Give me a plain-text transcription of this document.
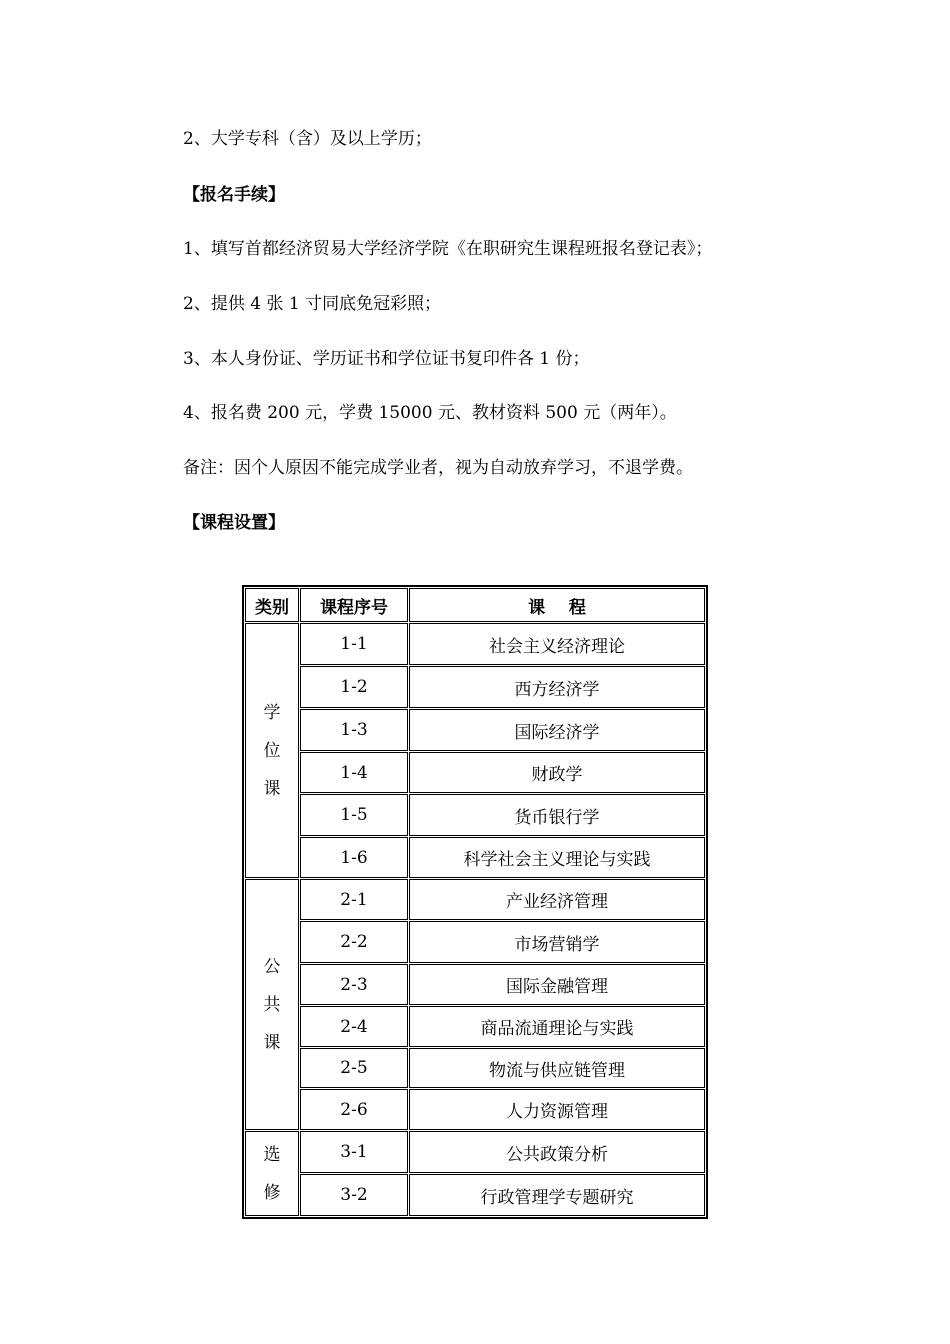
2、大学专科（含）及以上学历；
【报名手续】
1、填写首都经济贸易大学经济学院《在职研究生课程班报名登记表》；
2、提供 4 张 1 寸同底免冠彩照；
3、本人身份证、学历证书和学位证书复印件各 1 份；
4、报名费 200 元，学费 15000 元、教材资料 500 元（两年）。
备注：因个人原因不能完成学业者，视为自动放弃学习，不退学费。
【课程设置】
类别	课程序号	课    程
学位课	1-1	社会主义经济理论
	1-2	西方经济学
	1-3	国际经济学
	1-4	财政学
	1-5	货币银行学
	1-6	科学社会主义理论与实践
公共课	2-1	产业经济管理
	2-2	市场营销学
	2-3	国际金融管理
	2-4	商品流通理论与实践
	2-5	物流与供应链管理
	2-6	人力资源管理
选修	3-1	公共政策分析
	3-2	行政管理学专题研究
